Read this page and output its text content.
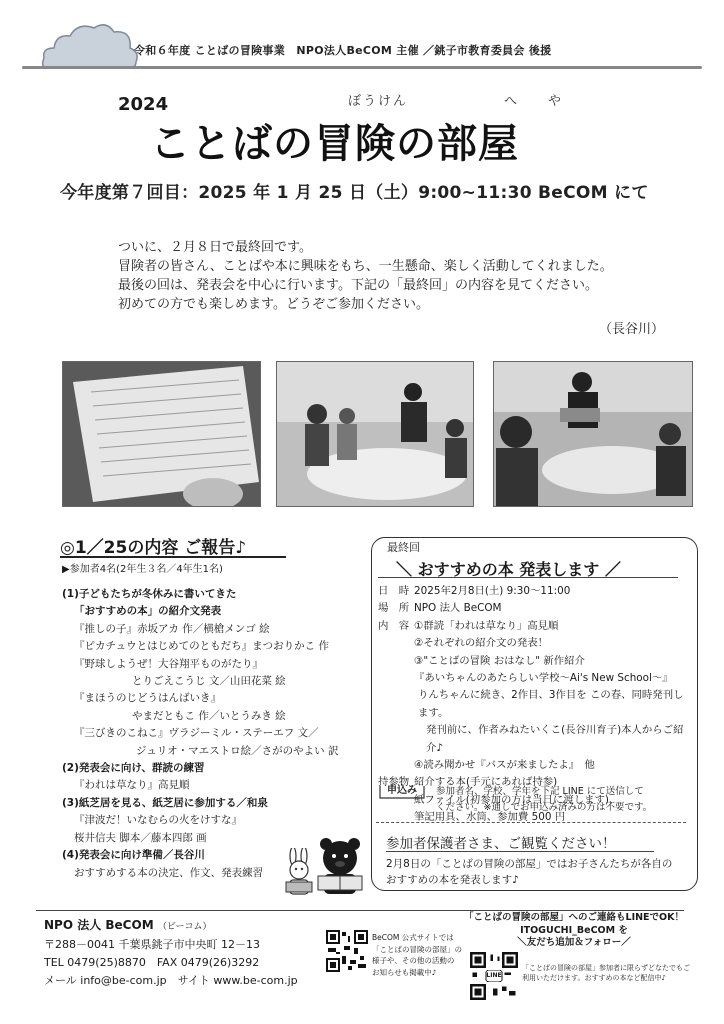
令和６年度 ことばの冒険事業　NPO法人BeCOM 主催 ／銚子市教育委員会 後援
2024	ぼうけん	へ や
ことばの冒険の部屋
今年度第７回目：2025 年 1 月 25 日（土）9:00~11:30 BeCOM にて
ついに、２月８日で最終回です。
冒険者の皆さん、ことばや本に興味をもち、一生懸命、楽しく活動してくれました。
最後の回は、発表会を中心に行います。下記の「最終回」の内容を見てください。
初めての方でも楽しめます。どうぞご参加ください。
（長谷川）
◎1／25の内容 ご報告♪
▶参加者4名(2年生３名／4年生1名)
(1)子どもたちが冬休みに書いてきた
「おすすめの本」の紹介文発表
『推しの子』赤坂アカ 作／横槍メンゴ 絵
『ピカチュウとはじめてのともだち』まつおりかこ 作
『野球しようぜ！大谷翔平ものがたり』
とりごえこうじ 文／山田花菜 絵
『まほうのじどうはんばいき』
やまだともこ 作／いとうみき 絵
『三びきのこねこ』ヴラジーミル・ステーエフ 文／
ジュリオ・マエストロ絵／さがのやよい 訳
(2)発表会に向け、群読の練習
『われは草なり』高見順
(3)紙芝居を見る、紙芝居に参加する／和泉
『津波だ！いなむらの火をけすな』
桜井信夫 脚本／藤本四郎 画
(4)発表会に向け準備／長谷川
おすすめする本の決定、作文、発表練習
最終回
＼ おすすめの本 発表します ／
日　時 2025年2月8日(土) 9:30～11:00
場　所 NPO 法人 BeCOM
内　容 ①群読「われは草なり」高見順
②それぞれの紹介文の発表！
③"ことばの冒険 おはなし" 新作紹介
『あいちゃんのあたらしい学校～Ai's New School～』
りんちゃんに続き、2作目、3作目を この春、同時発刊します。
発刊前に、作者みねたいくこ(長谷川育子)本人からご紹介♪
④読み聞かせ『バスが来ましたよ』　他
持参物 紹介する本(手元にあれば持参)
紙ファイル(初参加の方は当日に渡します)、
筆記用具、水筒、参加費 500 円
申込み	参加者名、学校、学年を下記 LINE にて送信して
ください。※通しでお申込み済みの方は不要です。
参加者保護者さま、ご観覧ください！
2月8日の「ことばの冒険の部屋」ではお子さんたちが各自の
おすすめの本を発表します♪
NPO 法人 BeCOM （ビーコム）
〒288－0041 千葉県銚子市中央町 12－13
TEL 0479(25)8870　FAX 0479(26)3292
メール info@be-com.jp　サイト www.be-com.jp
BeCOM 公式サイトでは
「ことばの冒険の部屋」の
様子や、その他の活動の
お知らせも掲載中♪
「ことばの冒険の部屋」へのご連絡もLINEでOK！
ITOGUCHI_BeCOM を
＼友だち追加＆フォロー／
LINE
「ことばの冒険の部屋」参加者に限らずどなたでもご利用いただけます。おすすめの本など配信中♪
